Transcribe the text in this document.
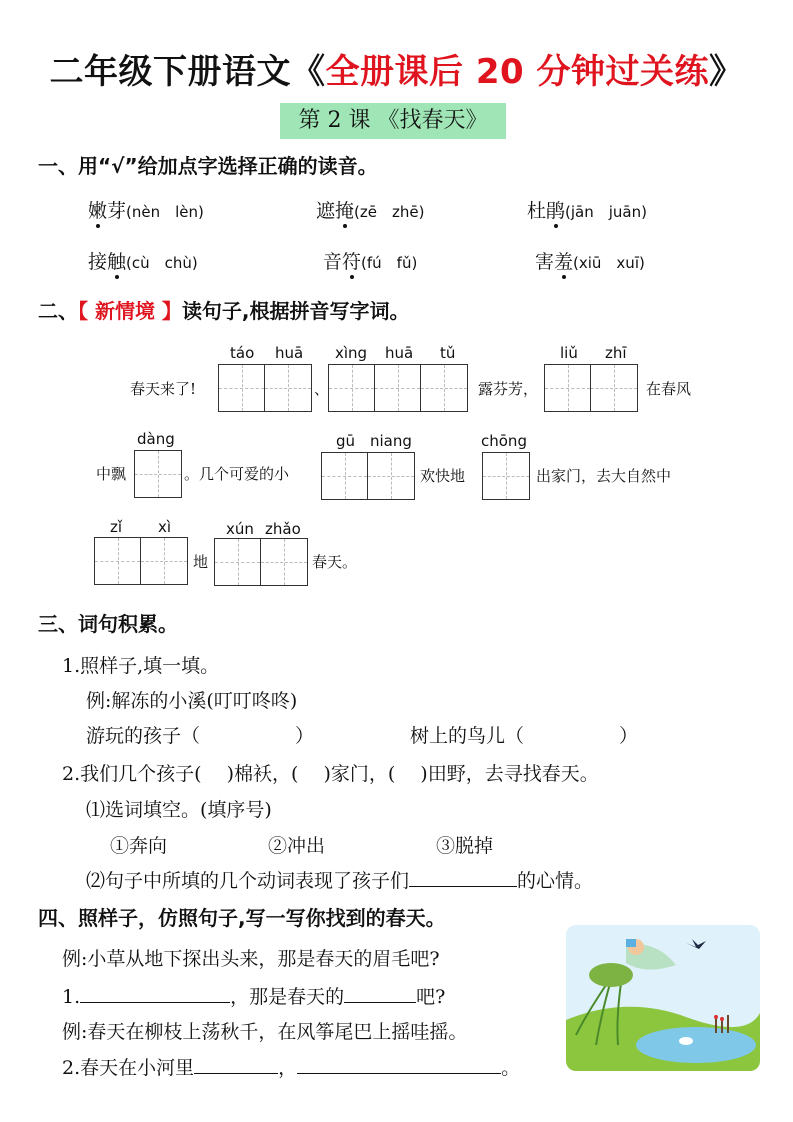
二年级下册语文《全册课后 20 分钟过关练》
第 2 课 《找春天》
一、用“√”给加点字选择正确的读音。
嫩芽(nèn　lèn)	遮掩(zē　zhē)	杜鹃(jān　juān)
接触(cù　chù)	音符(fú　fǔ)	害羞(xiū　xuī)
二、【 新情境 】读句子,根据拼音写字词。
táo huā xìng huā tǔ	liǔ zhī
春天来了!	、	露芬芳，	在春风
dàng	gū niang	chōng
中飘	。几个可爱的小	欢快地	出家门，去大自然中
zǐ xì	xún zhǎo
地	春天。
三、词句积累。
1.照样子,填一填。
例:解冻的小溪(叮叮咚咚)
游玩的孩子（　　　　　）	树上的鸟儿（　　　　　）
2.我们几个孩子(　 )棉袄，(　 )家门，(　 )田野，去寻找春天。
⑴选词填空。(填序号)
①奔向	②冲出	③脱掉
⑵句子中所填的几个动词表现了孩子们	的心情。
四、照样子，仿照句子,写一写你找到的春天。
例:小草从地下探出头来，那是春天的眉毛吧?
1.	，那是春天的	吧?
例:春天在柳枝上荡秋千，在风筝尾巴上摇哇摇。
2.春天在小河里	，	。
